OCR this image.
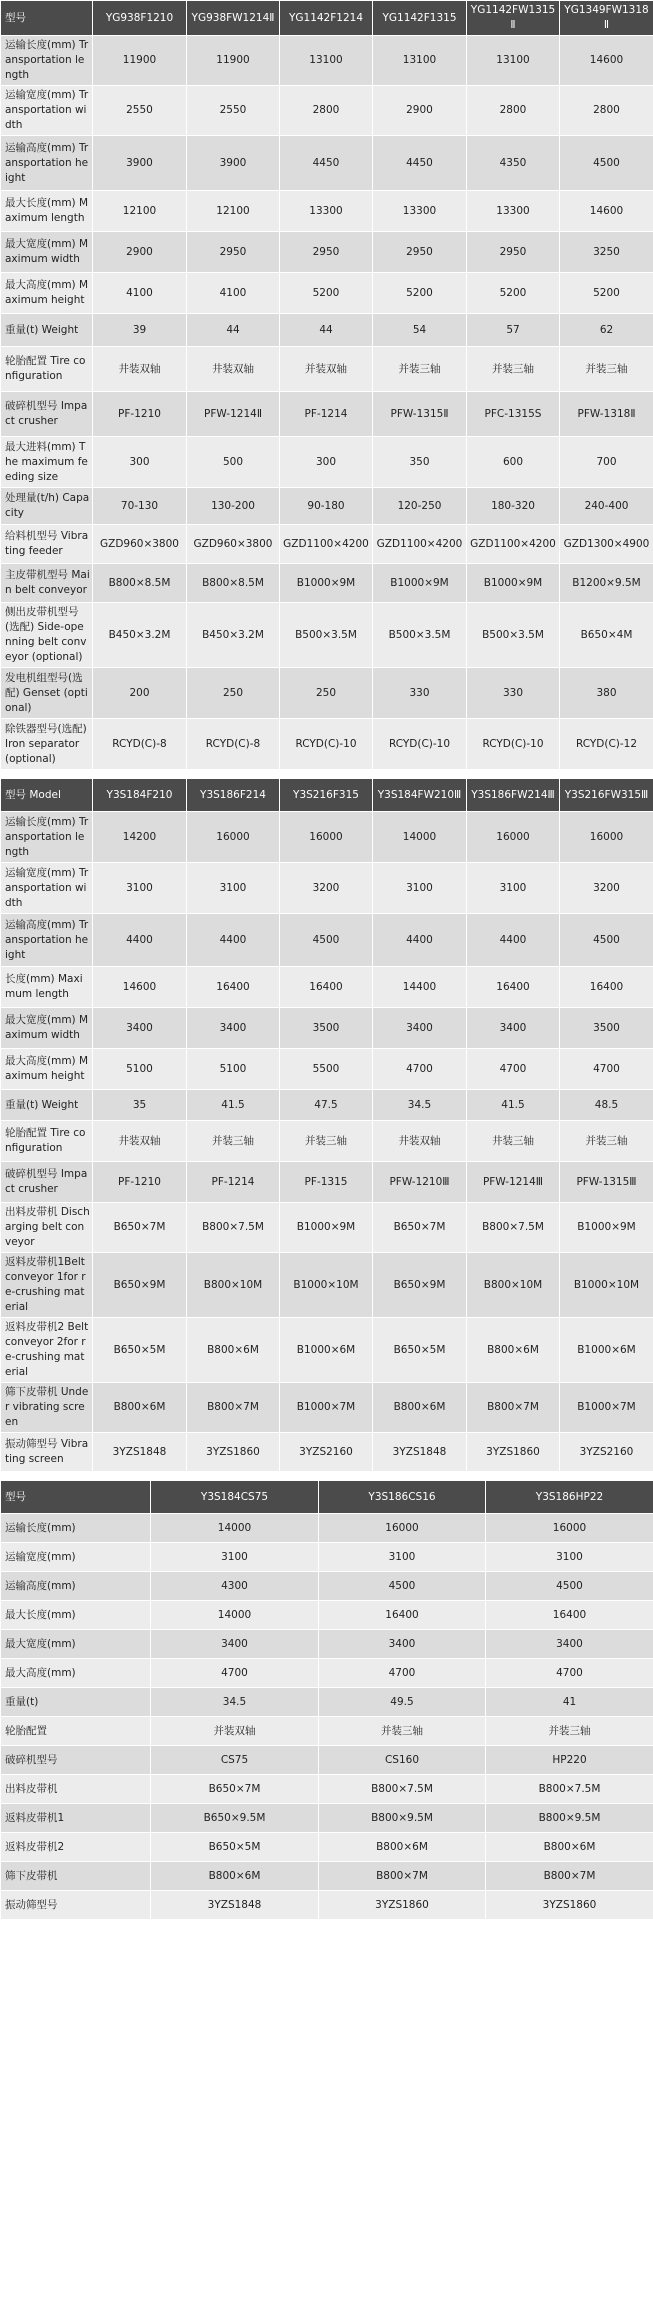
型号	YG938F1210	YG938FW1214Ⅱ	YG1142F1214	YG1142F1315	YG1142FW1315Ⅱ	YG1349FW1318Ⅱ
运输长度(mm) Transportation length	11900	11900	13100	13100	13100	14600
运输宽度(mm) Transportation width	2550	2550	2800	2900	2800	2800
运输高度(mm) Transportation height	3900	3900	4450	4450	4350	4500
最大长度(mm) Maximum length	12100	12100	13300	13300	13300	14600
最大宽度(mm) Maximum width	2900	2950	2950	2950	2950	3250
最大高度(mm) Maximum height	4100	4100	5200	5200	5200	5200
重量(t) Weight	39	44	44	54	57	62
轮胎配置 Tire configuration	井装双轴	井装双轴	并装双轴	并装三轴	并装三轴	并装三轴
破碎机型号 Impact crusher	PF-1210	PFW-1214Ⅱ	PF-1214	PFW-1315Ⅱ	PFC-1315S	PFW-1318Ⅱ
最大进料(mm) The maximum feeding size	300	500	300	350	600	700
处理量(t/h) Capacity	70-130	130-200	90-180	120-250	180-320	240-400
给料机型号 Vibrating feeder	GZD960×3800	GZD960×3800	GZD1100×4200	GZD1100×4200	GZD1100×4200	GZD1300×4900
主皮带机型号 Main belt conveyor	B800×8.5M	B800×8.5M	B1000×9M	B1000×9M	B1000×9M	B1200×9.5M
侧出皮带机型号(选配) Side-openning belt conveyor (optional)	B450×3.2M	B450×3.2M	B500×3.5M	B500×3.5M	B500×3.5M	B650×4M
发电机组型号(选配) Genset (optional)	200	250	250	330	330	380
除铁器型号(选配) Iron separator (optional)	RCYD(C)-8	RCYD(C)-8	RCYD(C)-10	RCYD(C)-10	RCYD(C)-10	RCYD(C)-12
型号 Model	Y3S184F210	Y3S186F214	Y3S216F315	Y3S184FW210Ⅲ	Y3S186FW214Ⅲ	Y3S216FW315Ⅲ
运输长度(mm) Transportation length	14200	16000	16000	14000	16000	16000
运输宽度(mm) Transportation width	3100	3100	3200	3100	3100	3200
运输高度(mm) Transportation height	4400	4400	4500	4400	4400	4500
长度(mm) Maximum length	14600	16400	16400	14400	16400	16400
最大宽度(mm) Maximum width	3400	3400	3500	3400	3400	3500
最大高度(mm) Maximum height	5100	5100	5500	4700	4700	4700
重量(t) Weight	35	41.5	47.5	34.5	41.5	48.5
轮胎配置 Tire configuration	井装双轴	并装三轴	并装三轴	井装双轴	井装三轴	并装三轴
破碎机型号 Impact crusher	PF-1210	PF-1214	PF-1315	PFW-1210Ⅲ	PFW-1214Ⅲ	PFW-1315Ⅲ
出料皮带机 Discharging belt conveyor	B650×7M	B800×7.5M	B1000×9M	B650×7M	B800×7.5M	B1000×9M
返料皮带机1Belt conveyor 1for re-crushing material	B650×9M	B800×10M	B1000×10M	B650×9M	B800×10M	B1000×10M
返料皮带机2 Belt conveyor 2for re-crushing material	B650×5M	B800×6M	B1000×6M	B650×5M	B800×6M	B1000×6M
筛下皮带机 Under vibrating screen	B800×6M	B800×7M	B1000×7M	B800×6M	B800×7M	B1000×7M
振动筛型号 Vibrating screen	3YZS1848	3YZS1860	3YZS2160	3YZS1848	3YZS1860	3YZS2160
型号	Y3S184CS75	Y3S186CS16	Y3S186HP22
运输长度(mm)	14000	16000	16000
运输宽度(mm)	3100	3100	3100
运输高度(mm)	4300	4500	4500
最大长度(mm)	14000	16400	16400
最大宽度(mm)	3400	3400	3400
最大高度(mm)	4700	4700	4700
重量(t)	34.5	49.5	41
轮胎配置	并装双轴	并装三轴	并装三轴
破碎机型号	CS75	CS160	HP220
出料皮带机	B650×7M	B800×7.5M	B800×7.5M
返料皮带机1	B650×9.5M	B800×9.5M	B800×9.5M
返料皮带机2	B650×5M	B800×6M	B800×6M
筛下皮带机	B800×6M	B800×7M	B800×7M
振动筛型号	3YZS1848	3YZS1860	3YZS1860
